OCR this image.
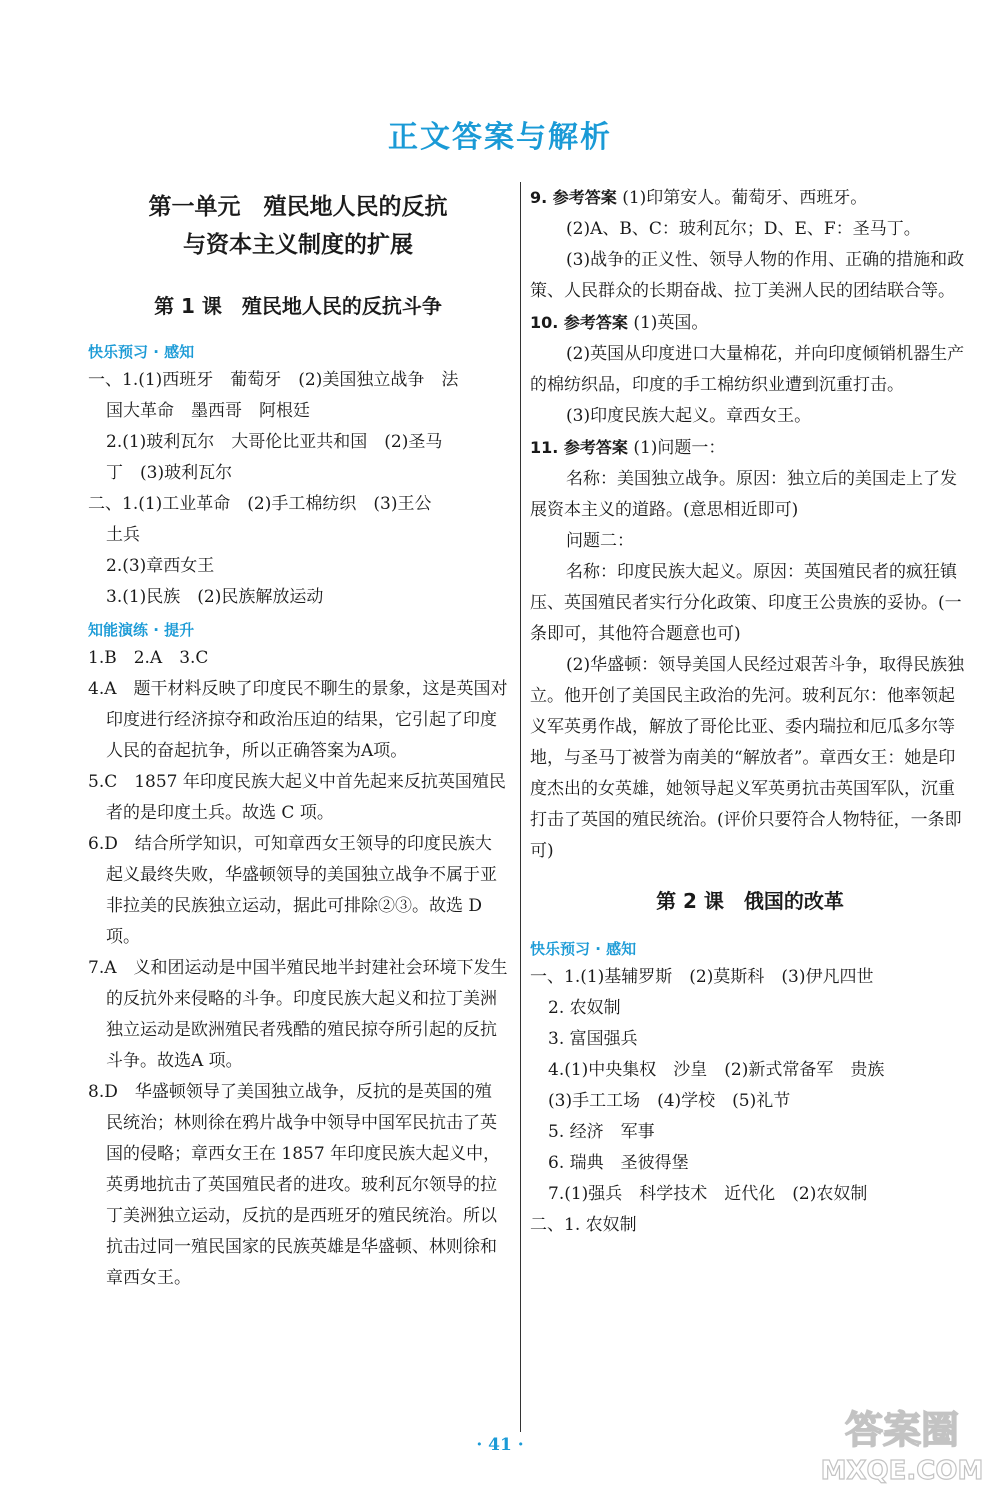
正文答案与解析
第一单元　殖民地人民的反抗
与资本主义制度的扩展
第 1 课　殖民地人民的反抗斗争
快乐预习 · 感知

一、1.(1)西班牙　葡萄牙　(2)美国独立战争　法

国大革命　墨西哥　阿根廷

2.(1)玻利瓦尔　大哥伦比亚共和国　(2)圣马

丁　(3)玻利瓦尔

二、1.(1)工业革命　(2)手工棉纺织　(3)王公

土兵

2.(3)章西女王

3.(1)民族　(2)民族解放运动

知能演练 · 提升

1.B　2.A　3.C

4.A　题干材料反映了印度民不聊生的景象，这是英国对印度进行经济掠夺和政治压迫的结果，它引起了印度人民的奋起抗争，所以正确答案为A项。

5.C　1857 年印度民族大起义中首先起来反抗英国殖民者的是印度土兵。故选 C 项。

6.D　结合所学知识，可知章西女王领导的印度民族大起义最终失败，华盛顿领导的美国独立战争不属于亚非拉美的民族独立运动，据此可排除②③。故选 D 项。

7.A　义和团运动是中国半殖民地半封建社会环境下发生的反抗外来侵略的斗争。印度民族大起义和拉丁美洲独立运动是欧洲殖民者残酷的殖民掠夺所引起的反抗斗争。故选A 项。

8.D　华盛顿领导了美国独立战争，反抗的是英国的殖民统治；林则徐在鸦片战争中领导中国军民抗击了英国的侵略；章西女王在 1857 年印度民族大起义中，英勇地抗击了英国殖民者的进攻。玻利瓦尔领导的拉丁美洲独立运动，反抗的是西班牙的殖民统治。所以抗击过同一殖民国家的民族英雄是华盛顿、林则徐和章西女王。

9. 参考答案 (1)印第安人。葡萄牙、西班牙。

(2)A、B、C：玻利瓦尔；D、E、F：圣马丁。

(3)战争的正义性、领导人物的作用、正确的措施和政策、人民群众的长期奋战、拉丁美洲人民的团结联合等。

10. 参考答案 (1)英国。

(2)英国从印度进口大量棉花，并向印度倾销机器生产的棉纺织品，印度的手工棉纺织业遭到沉重打击。

(3)印度民族大起义。章西女王。

11. 参考答案 (1)问题一：

名称：美国独立战争。原因：独立后的美国走上了发展资本主义的道路。(意思相近即可)

问题二：

名称：印度民族大起义。原因：英国殖民者的疯狂镇压、英国殖民者实行分化政策、印度王公贵族的妥协。(一条即可，其他符合题意也可)

(2)华盛顿：领导美国人民经过艰苦斗争，取得民族独立。他开创了美国民主政治的先河。玻利瓦尔：他率领起义军英勇作战，解放了哥伦比亚、委内瑞拉和厄瓜多尔等地，与圣马丁被誉为南美的“解放者”。章西女王：她是印度杰出的女英雄，她领导起义军英勇抗击英国军队，沉重打击了英国的殖民统治。(评价只要符合人物特征，一条即可)

第 2 课　俄国的改革
快乐预习 · 感知

一、1.(1)基辅罗斯　(2)莫斯科　(3)伊凡四世

2. 农奴制

3. 富国强兵

4.(1)中央集权　沙皇　(2)新式常备军　贵族

(3)手工工场　(4)学校　(5)礼节

5. 经济　军事

6. 瑞典　圣彼得堡

7.(1)强兵　科学技术　近代化　(2)农奴制

二、1. 农奴制

· 41 ·	答案圈
MXQE.COM
